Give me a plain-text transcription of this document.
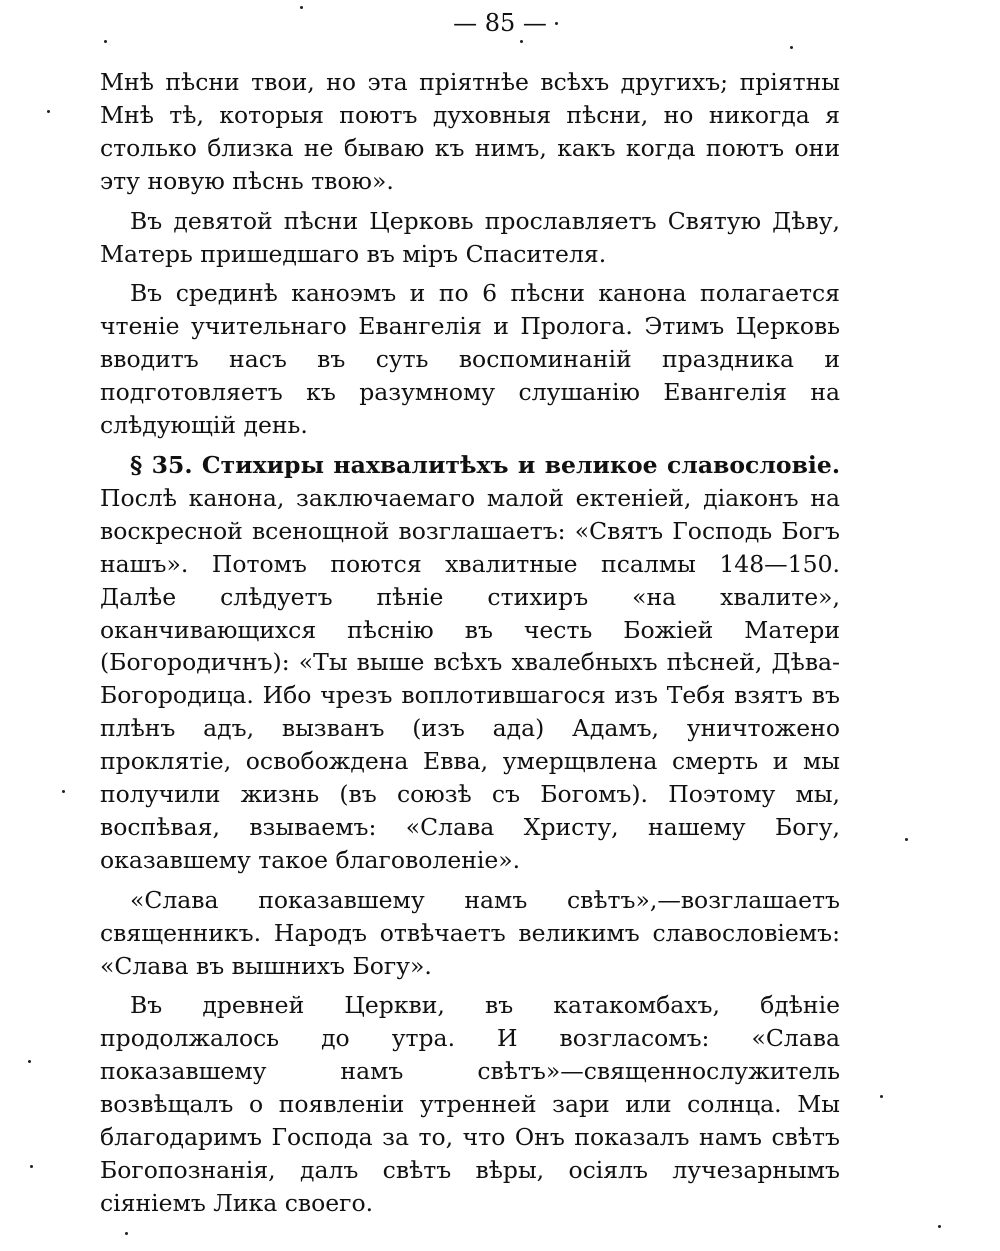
— 85 —

Мнѣ пѣсни твои, но эта пріятнѣе всѣхъ другихъ; пріятны Мнѣ тѣ, которыя поютъ духовныя пѣсни, но никогда я столько близка не бываю къ нимъ, какъ когда поютъ они эту новую пѣснь твою».

Въ девятой пѣсни Церковь прославляетъ Святую Дѣву, Матерь пришедшаго въ міръ Спасителя.

Въ срединѣ каноэмъ и по 6 пѣсни канона полагается чтеніе учительнаго Евангелія и Пролога. Этимъ Церковь вводитъ насъ въ суть воспоминаній праздника и подготовляетъ къ разумному слушанію Евангелія на слѣдующій день.

§ 35. Стихиры нахвалитѣхъ и великое славословіе. Послѣ канона, заключаемаго малой ектеніей, діаконъ на воскресной всенощной возглашаетъ: «Святъ Господь Богъ нашъ». Потомъ поются хвалитные псалмы 148—150. Далѣе слѣдуетъ пѣніе стихиръ «на хвалите», оканчивающихся пѣснію въ честь Божіей Матери (Богородичнъ): «Ты выше всѣхъ хвалебныхъ пѣсней, Дѣва-Богородица. Ибо чрезъ воплотившагося изъ Тебя взятъ въ плѣнъ адъ, вызванъ (изъ ада) Адамъ, уничтожено проклятіе, освобождена Евва, умерщвлена смерть и мы получили жизнь (въ союзѣ съ Богомъ). Поэтому мы, воспѣвая, взываемъ: «Слава Христу, нашему Богу, оказавшему такое благоволеніе».

«Слава показавшему намъ свѣтъ»,—возглашаетъ священникъ. Народъ отвѣчаетъ великимъ славословіемъ: «Слава въ вышнихъ Богу».

Въ древней Церкви, въ катакомбахъ, бдѣніе продолжалось до утра. И возгласомъ: «Слава показавшему намъ свѣтъ»—священнослужитель возвѣщалъ о появленіи утренней зари или солнца. Мы благодаримъ Господа за то, что Онъ показалъ намъ свѣтъ Богопознанія, далъ свѣтъ вѣры, осіялъ лучезарнымъ сіяніемъ Лика своего.
